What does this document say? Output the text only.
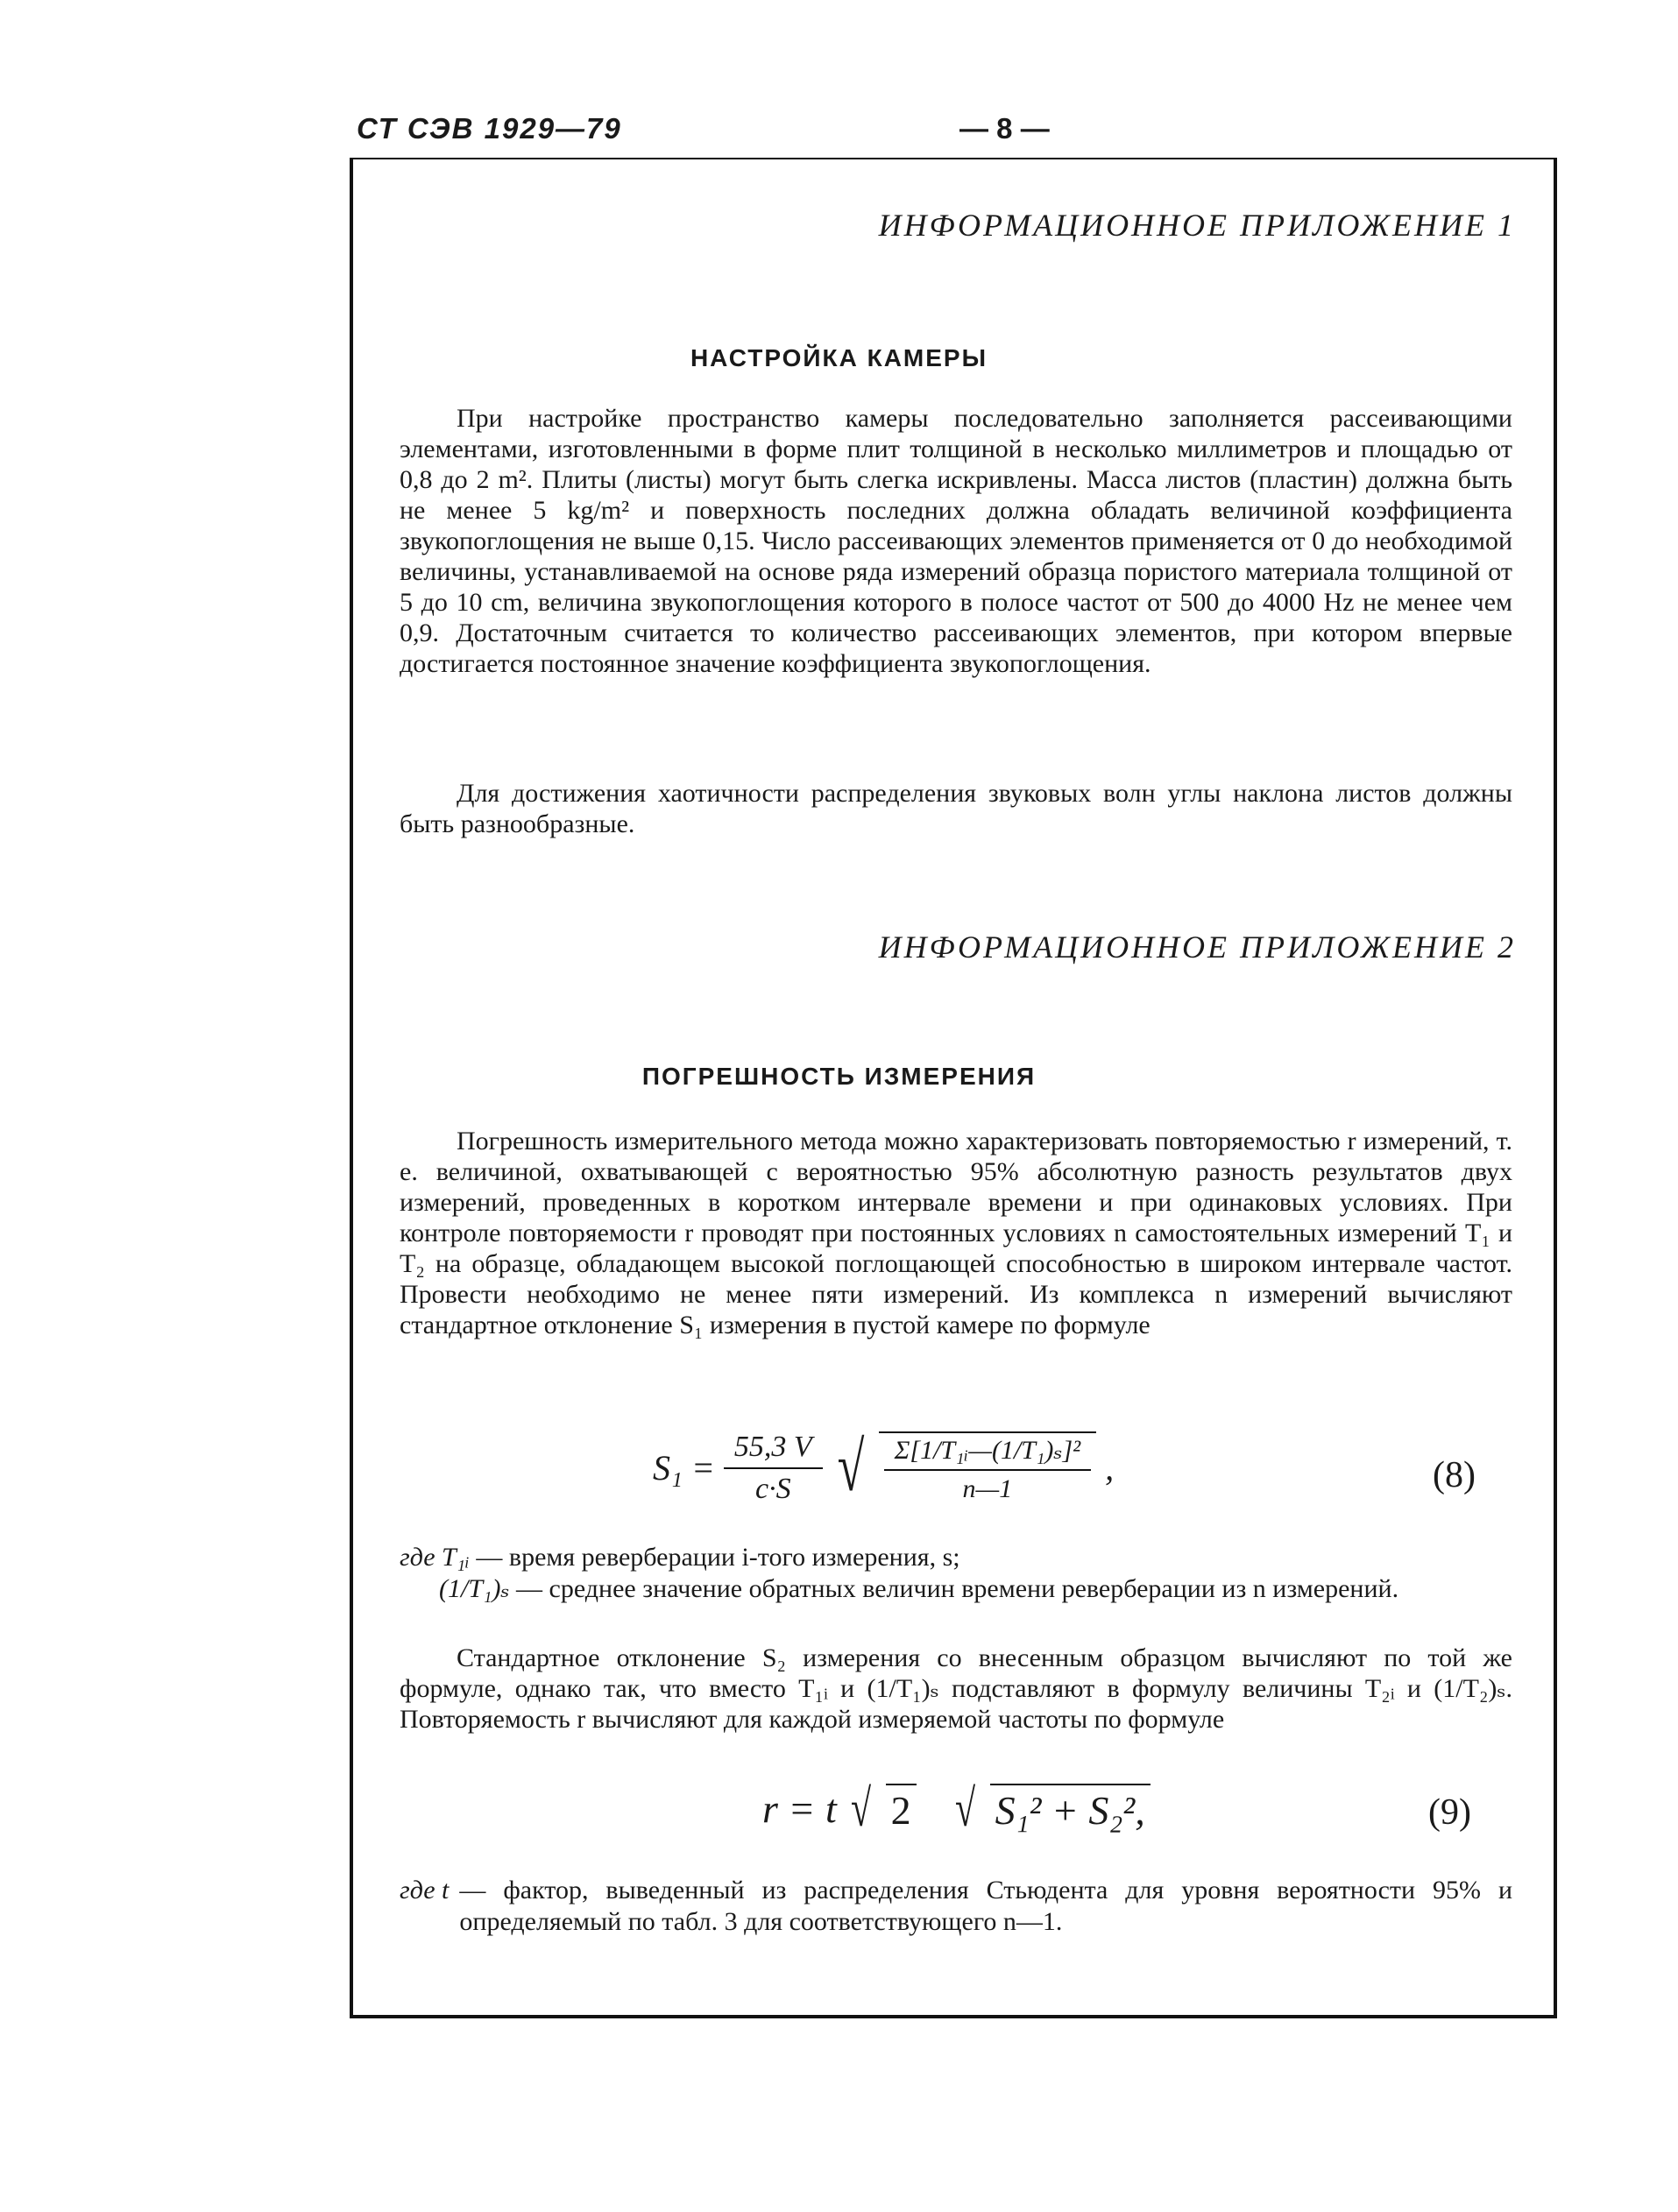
СТ СЭВ 1929—79	— 8 —
ИНФОРМАЦИОННОЕ ПРИЛОЖЕНИЕ 1
НАСТРОЙКА КАМЕРЫ

При настройке пространство камеры последовательно заполняется рассеивающими элементами, изготовленными в форме плит толщиной в несколько миллиметров и площадью от 0,8 до 2 m². Плиты (листы) могут быть слегка искривлены. Масса листов (пластин) должна быть не менее 5 kg/m² и поверхность последних должна обладать величиной коэффициента звукопоглощения не выше 0,15. Число рассеивающих элементов применяется от 0 до необходимой величины, устанавливаемой на основе ряда измерений образца пористого материала толщиной от 5 до 10 cm, величина звукопоглощения которого в полосе частот от 500 до 4000 Hz не менее чем 0,9. Достаточным считается то количество рассеивающих элементов, при котором впервые достигается постоянное значение коэффициента звукопоглощения.

Для достижения хаотичности распределения звуковых волн углы наклона листов должны быть разнообразные.

ИНФОРМАЦИОННОЕ ПРИЛОЖЕНИЕ 2
ПОГРЕШНОСТЬ ИЗМЕРЕНИЯ

Погрешность измерительного метода можно характеризовать повторяемостью r измерений, т. е. величиной, охватывающей с вероятностью 95% абсолютную разность результатов двух измерений, проведенных в коротком интервале времени и при одинаковых условиях. При контроле повторяемости r проводят при постоянных условиях n самостоятельных измерений T₁ и T₂ на образце, обладающем высокой поглощающей способностью в широком интервале частот. Провести необходимо не менее пяти измерений. Из комплекса n измерений вычисляют стандартное отклонение S₁ измерения в пустой камере по формуле

$S_1 = \frac{55,3 V}{c\cdot S}$ √ $\frac{\text{Σ[1/T₁ᵢ—(1/T₁)ₛ]²}}{n—1}$ ,	(8)
где T₁ᵢ — время реверберации i-того измерения, s;
(1/T₁)ₛ — среднее значение обратных величин времени реверберации из n измерений.

Стандартное отклонение S₂ измерения со внесенным образцом вычисляют по той же формуле, однако так, что вместо T₁ᵢ и (1/T₁)ₛ подставляют в формулу величины T₂ᵢ и (1/T₂)ₛ. Повторяемость r вычисляют для каждой измеряемой частоты по формуле

r = t √ 2 √ S₁² + S₂²,	(9)
где t — фактор, выведенный из распределения Стьюдента для уровня вероятности 95% и определяемый по табл. 3 для соответствующего n—1.
